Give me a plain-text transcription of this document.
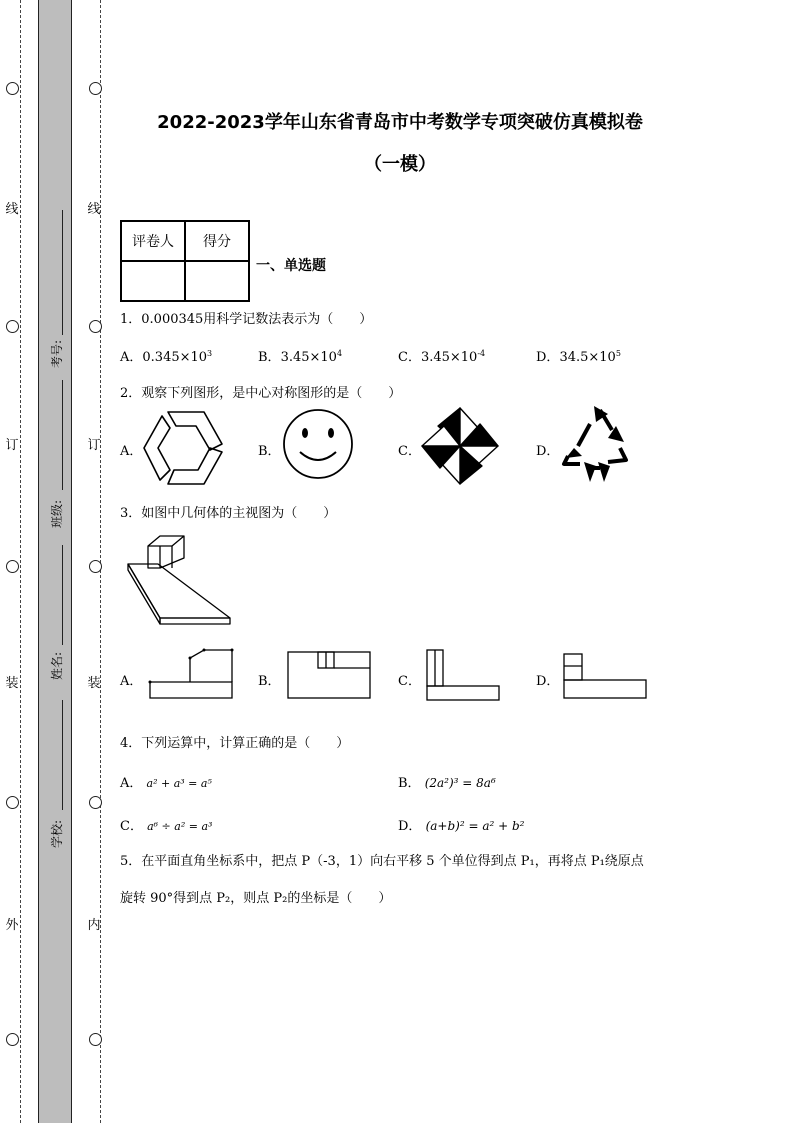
线
订
装
外
线
订
装
内
考号:
班级:
姓名:
学校:
2022-2023学年山东省青岛市中考数学专项突破仿真模拟卷
（一模）
评卷人	得分

一、单选题
1．0.000345用科学记数法表示为（　　）
A．$0.345\times 10^3$	B．$3.45\times 10^4$	C．$3.45\times 10^{-4}$	D．$34.5\times 10^5$
2．观察下列图形，是中心对称图形的是（　　）
A．	B．	C．	D．
3．如图中几何体的主视图为（　　）
A．	B．	C．	D．
4．下列运算中，计算正确的是（　　）
A． a² + a³ = a⁵	B． (2a²)³ = 8a⁶
C． a⁶ ÷ a² = a³	D． (a+b)² = a² + b²
5．在平面直角坐标系中，把点 P（-3，1）向右平移 5 个单位得到点 P₁，再将点 P₁绕原点
旋转 90°得到点 P₂，则点 P₂的坐标是（　　）
